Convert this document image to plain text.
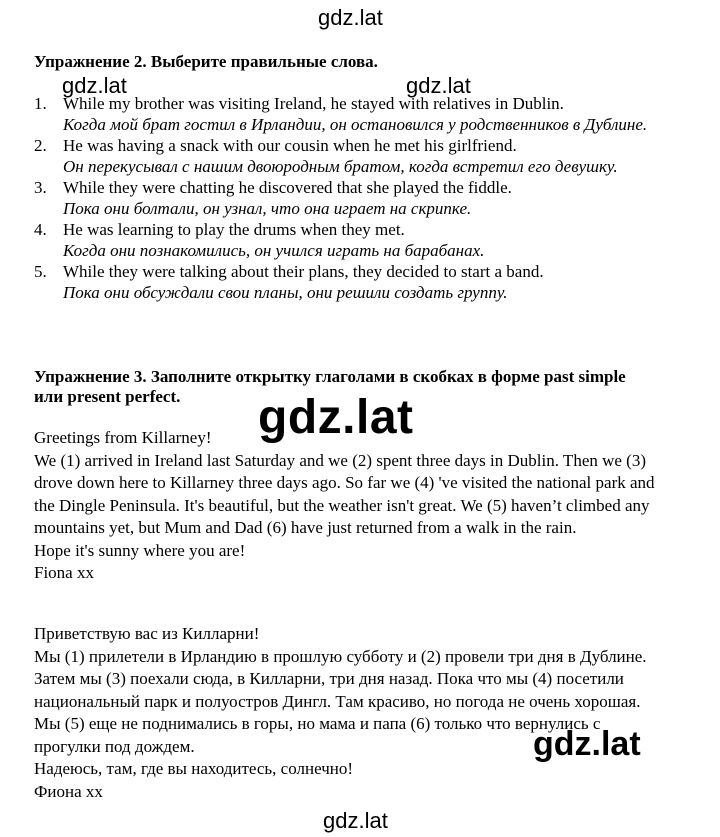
gdz.lat
Упражнение 2. Выберите правильные слова.
gdz.lat	gdz.lat
1. While my brother was visiting Ireland, he stayed with relatives in Dublin.
Когда мой брат гостил в Ирландии, он остановился у родственников в Дублине.
2. He was having a snack with our cousin when he met his girlfriend.
Он перекусывал с нашим двоюродным братом, когда встретил его девушку.
3. While they were chatting he discovered that she played the fiddle.
Пока они болтали, он узнал, что она играет на скрипке.
4. He was learning to play the drums when they met.
Когда они познакомились, он учился играть на барабанах.
5. While they were talking about their plans, they decided to start a band.
Пока они обсуждали свои планы, они решили создать группу.
Упражнение 3. Заполните открытку глаголами в скобках в форме past simple или present perfect.	gdz.lat

Greetings from Killarney!

We (1) arrived in Ireland last Saturday and we (2) spent three days in Dublin. Then we (3) drove down here to Killarney three days ago. So far we (4) 've visited the national park and the Dingle Peninsula. It's beautiful, but the weather isn't great. We (5) haven’t climbed any mountains yet, but Mum and Dad (6) have just returned from a walk in the rain.

Hope it's sunny where you are!

Fiona xx

Приветствую вас из Килларни!

Мы (1) прилетели в Ирландию в прошлую субботу и (2) провели три дня в Дублине. Затем мы (3) поехали сюда, в Килларни, три дня назад. Пока что мы (4) посетили национальный парк и полуостров Дингл. Там красиво, но погода не очень хорошая. Мы (5) еще не поднимались в горы, но мама и папа (6) только что вернулись с прогулки под дождем.

Надеюсь, там, где вы находитесь, солнечно!

Фиона xx

gdz.lat
gdz.lat
